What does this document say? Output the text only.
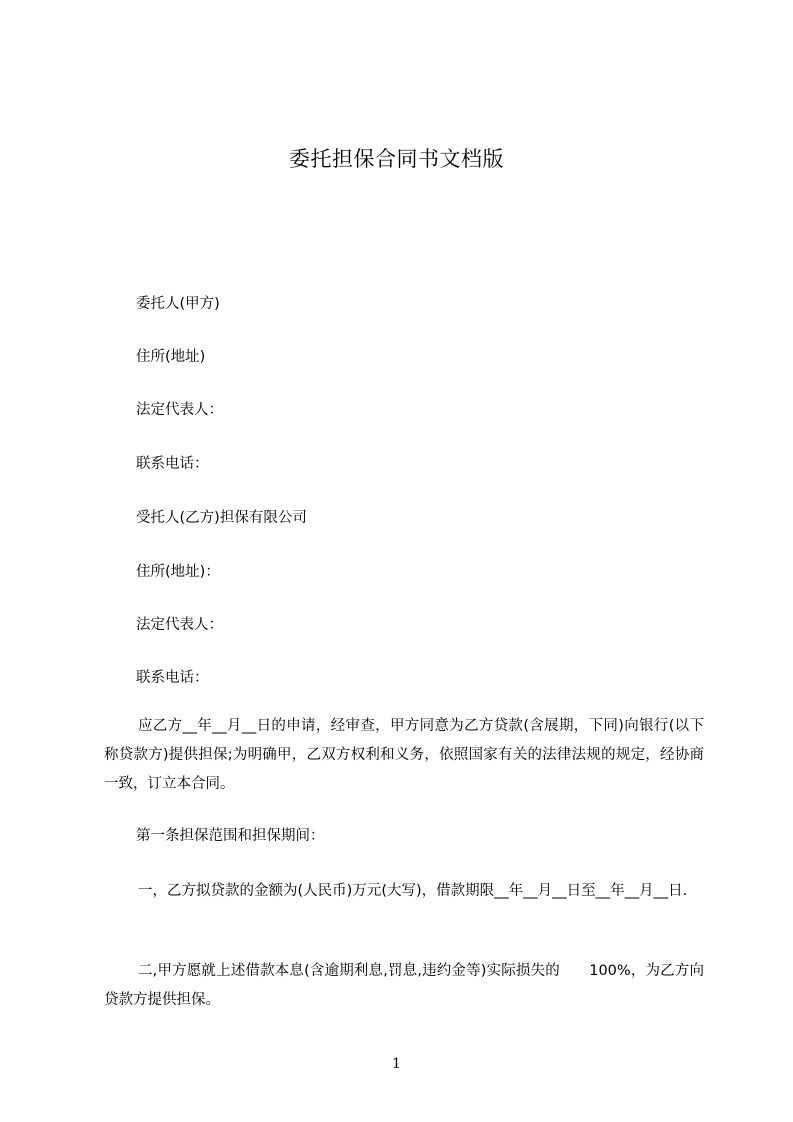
委托担保合同书文档版
委托人(甲方)
住所(地址)
法定代表人：
联系电话：
受托人(乙方)担保有限公司
住所(地址)：
法定代表人：
联系电话：
应乙方__年__月__日的申请，经审查，甲方同意为乙方贷款(含展期，下同)向银行(以下称贷款方)提供担保;为明确甲，乙双方权利和义务，依照国家有关的法律法规的规定，经协商一致，订立本合同。
第一条担保范围和担保期间：
一，乙方拟贷款的金额为(人民币)万元(大写)，借款期限__年__月__日至__年__月__日.
二,甲方愿就上述借款本息(含逾期利息,罚息,违约金等)实际损失的　　100%，为乙方向贷款方提供担保。
1
